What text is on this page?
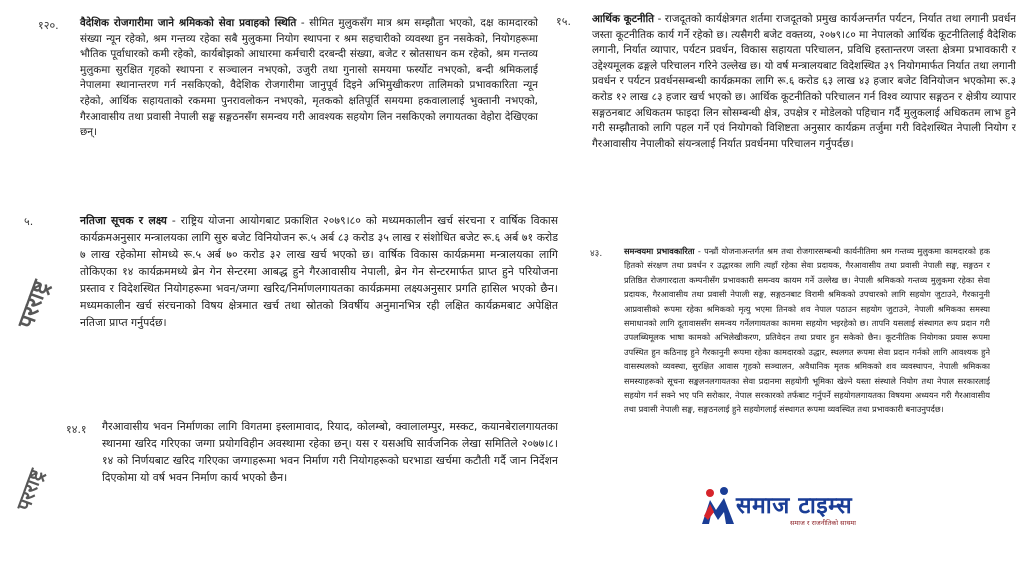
१२०. वैदेशिक रोजगारीमा जाने श्रमिकको सेवा प्रवाहको स्थिति - सीमित मुलुकसँग मात्र श्रम सम्झौता भएको, दक्ष कामदारको संख्या न्यून रहेको, श्रम गन्तव्य रहेका सबै मुलुकमा नियोग स्थापना र श्रम सहचारीको व्यवस्था हुन नसकेको, नियोगहरूमा भौतिक पूर्वाधारको कमी रहेको, कार्यबोझको आधारमा कर्मचारी दरबन्दी संख्या, बजेट र स्रोतसाधन कम रहेको, श्रम गन्तव्य मुलुकमा सुरक्षित गृहको स्थापना र सञ्चालन नभएको, उजुरी तथा गुनासो समयमा फर्स्योट नभएको, बन्दी श्रमिकलाई नेपालमा स्थानान्तरण गर्न नसकिएको, वैदेशिक रोजगारीमा जानुपूर्व दिइने अभिमुखीकरण तालिमको प्रभावकारिता न्यून रहेको, आर्थिक सहायताको रकममा पुनरावलोकन नभएको, मृतकको क्षतिपूर्ति समयमा हकवालालाई भुक्तानी नभएको, गैरआवासीय तथा प्रवासी नेपाली सङ्घ सङ्गठनसँग समन्वय गरी आवश्यक सहयोग लिन नसकिएको लगायतका वेहोरा देखिएका छन्।

५.	नतिजा सूचक र लक्ष्य - राष्ट्रिय योजना आयोगबाट प्रकाशित २०७९।८० को मध्यमकालीन खर्च संरचना र वार्षिक विकास कार्यक्रमअनुसार मन्त्रालयका लागि सुरु बजेट विनियोजन रू.५ अर्ब ८३ करोड ३५ लाख र संशोधित बजेट रू.६ अर्ब ७१ करोड ७ लाख रहेकोमा सोमध्ये रू.५ अर्ब ७० करोड ३२ लाख खर्च भएको छ। वार्षिक विकास कार्यक्रममा मन्त्रालयका लागि तोकिएका १४ कार्यक्रममध्ये ब्रेन गेन सेन्टरमा आबद्ध हुने गैरआवासीय नेपाली, ब्रेन गेन सेन्टरमार्फत प्राप्त हुने परियोजना प्रस्ताव र विदेशस्थित नियोगहरूमा भवन/जग्गा खरिद/निर्माणलगायतका कार्यक्रममा लक्ष्यअनुसार प्रगति हासिल भएको छैन। मध्यमकालीन खर्च संरचनाको विषय क्षेत्रमात खर्च तथा स्रोतको त्रिवर्षीय अनुमानभित्र रही लक्षित कार्यक्रमबाट अपेक्षित नतिजा प्राप्त गर्नुपर्दछ।

१४.१ गैरआवासीय भवन निर्माणका लागि विगतमा इस्लामावाद, रियाद, कोलम्बो, क्वालालम्पुर, मस्कट, कयानबेरालगायतका स्थानमा खरिद गरिएका जग्गा प्रयोगविहीन अवस्थामा रहेका छन्। यस र यसअघि सार्वजनिक लेखा समितिले २०७७।८।१४ को निर्णयबाट खरिद गरिएका जग्गाहरूमा भवन निर्माण गरी नियोगहरूको घरभाडा खर्चमा कटौती गर्दै जान निर्देशन दिएकोमा यो वर्ष भवन निर्माण कार्य भएको छैन।

परराष्ट्र
परराष्ट्र
१५. आर्थिक कूटनीति - राजदूतको कार्यक्षेत्रगत शर्तमा राजदूतको प्रमुख कार्यअन्तर्गत पर्यटन, निर्यात तथा लगानी प्रवर्धन जस्ता कूटनीतिक कार्य गर्ने रहेको छ। त्यसैगरी बजेट वक्तव्य, २०७९।८० मा नेपालको आर्थिक कूटनीतिलाई वैदेशिक लगानी, निर्यात व्यापार, पर्यटन प्रवर्धन, विकास सहायता परिचालन, प्रविधि हस्तान्तरण जस्ता क्षेत्रमा प्रभावकारी र उद्देश्यमूलक ढङ्गले परिचालन गरिने उल्लेख छ। यो वर्ष मन्त्रालयबाट विदेशस्थित ३९ नियोगमार्फत निर्यात तथा लगानी प्रवर्धन र पर्यटन प्रवर्धनसम्बन्धी कार्यक्रमका लागि रू.६ करोड ६३ लाख ४३ हजार बजेट विनियोजन भएकोमा रू.३ करोड १२ लाख ८३ हजार खर्च भएको छ। आर्थिक कूटनीतिको परिचालन गर्न विश्व व्यापार सङ्गठन र क्षेत्रीय व्यापार सङ्गठनबाट अधिकतम फाइदा लिन सोसम्बन्धी क्षेत्र, उपक्षेत्र र मोडेलको पहिचान गर्दै मुलुकलाई अधिकतम लाभ हुने गरी सम्झौताको लागि पहल गर्ने एवं नियोगको विशिष्टता अनुसार कार्यक्रम तर्जुमा गरी विदेशस्थित नेपाली नियोग र गैरआवासीय नेपालीको संयन्त्रलाई निर्यात प्रवर्धनमा परिचालन गर्नुपर्दछ।

४३.	समन्वयमा प्रभावकारिता - पन्ध्रौं योजनाअन्तर्गत श्रम तथा रोजगारसम्बन्धी कार्यनीतिमा श्रम गन्तव्य मुलुकमा कामदारको हक हितको संरक्षण तथा प्रवर्धन र उद्धारका लागि त्यहाँ रहेका सेवा प्रदायक, गैरआवासीय तथा प्रवासी नेपाली सङ्घ, सङ्गठन र प्रतिष्ठित रोजगारदाता कम्पनीसँग प्रभावकारी समन्वय कायम गर्ने उल्लेख छ। नेपाली श्रमिकको गन्तव्य मुलुकमा रहेका सेवा प्रदायक, गैरआवासीय तथा प्रवासी नेपाली सङ्घ, सङ्गठनबाट विरामी श्रमिकको उपचारको लागि सहयोग जुटाउने, गैरकानुनी आप्रवासीको रूपमा रहेका श्रमिकको मृत्यु भएमा तिनको शव नेपाल पठाउन सहयोग जुटाउने, नेपाली श्रमिकका समस्या समाधानको लागि दूतावाससँग समन्वय गर्नेलगायतका काममा सहयोग भइरहेको छ। तापनि यसलाई संस्थागत रूप प्रदान गरी उपलब्धिमूलक भाषा कामको अभिलेखीकरण, प्रतिवेदन तथा प्रचार हुन सकेको छैन। कूटनीतिक नियोगका प्रयास रूपमा उपस्थित हुन कठिनाइ हुने गैरकानुनी रूपमा रहेका कामदारको उद्धार, स्थलगत रूपमा सेवा प्रदान गर्नको लागि आवश्यक हुने वासस्थलको व्यवस्था, सुरक्षित आवास गृहको सञ्चालन, अवैधानिक मृतक श्रमिकको शव व्यवस्थापन, नेपाली श्रमिकका समस्याहरूको सूचना सङ्कलनलगायतका सेवा प्रदानमा सहयोगी भूमिका खेल्ने यस्ता संस्थाले नियोग तथा नेपाल सरकारलाई सहयोग गर्न सक्ने भए पनि सरोकार, नेपाल सरकारको तर्फबाट गर्नुपर्ने सहयोगलगायतका विषयमा अध्ययन गरी गैरआवासीय तथा प्रवासी नेपाली सङ्घ, सङ्गठनलाई हुने सहयोगलाई संस्थागत रूपमा व्यवस्थित तथा प्रभावकारी बनाउनुपर्दछ।

समाज टाइम्स
समाज र राजनीतिको साथमा
